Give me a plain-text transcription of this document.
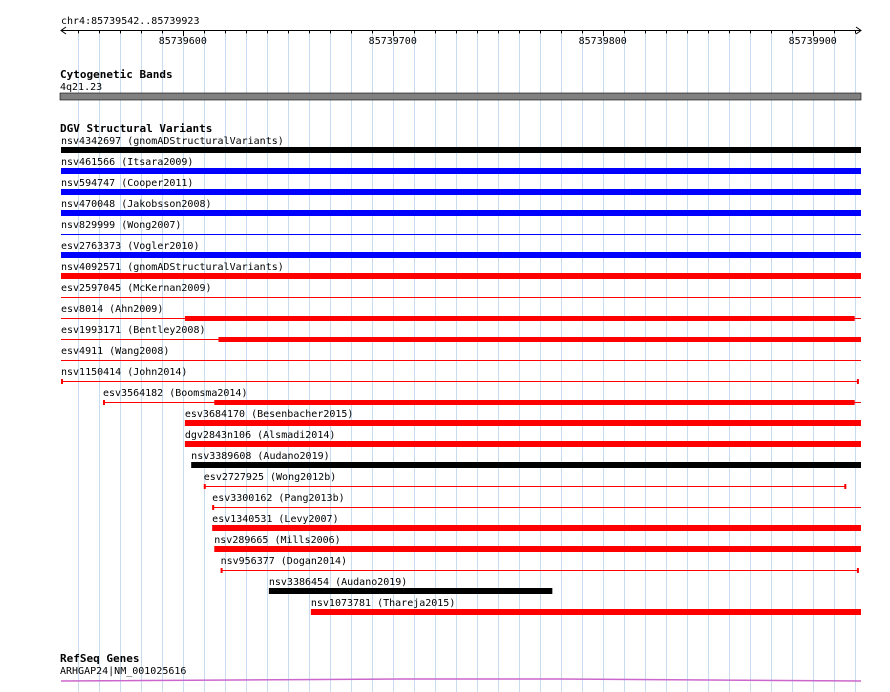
chr4:85739542..85739923
85739600	85739700	85739800	85739900
Cytogenetic Bands
4q21.23
DGV Structural Variants
nsv4342697 (gnomADStructuralVariants)
nsv461566 (Itsara2009)
nsv594747 (Cooper2011)
nsv470048 (Jakobsson2008)
nsv829999 (Wong2007)
esv2763373 (Vogler2010)
nsv4092571 (gnomADStructuralVariants)
esv2597045 (McKernan2009)
esv8014 (Ahn2009)
esv1993171 (Bentley2008)
esv4911 (Wang2008)
nsv1150414 (John2014)
esv3564182 (Boomsma2014)
esv3684170 (Besenbacher2015)
dgv2843n106 (Alsmadi2014)
nsv3389608 (Audano2019)
esv2727925 (Wong2012b)
esv3300162 (Pang2013b)
esv1340531 (Levy2007)
nsv289665 (Mills2006)
nsv956377 (Dogan2014)
nsv3386454 (Audano2019)
nsv1073781 (Thareja2015)
RefSeq Genes
ARHGAP24|NM_001025616
